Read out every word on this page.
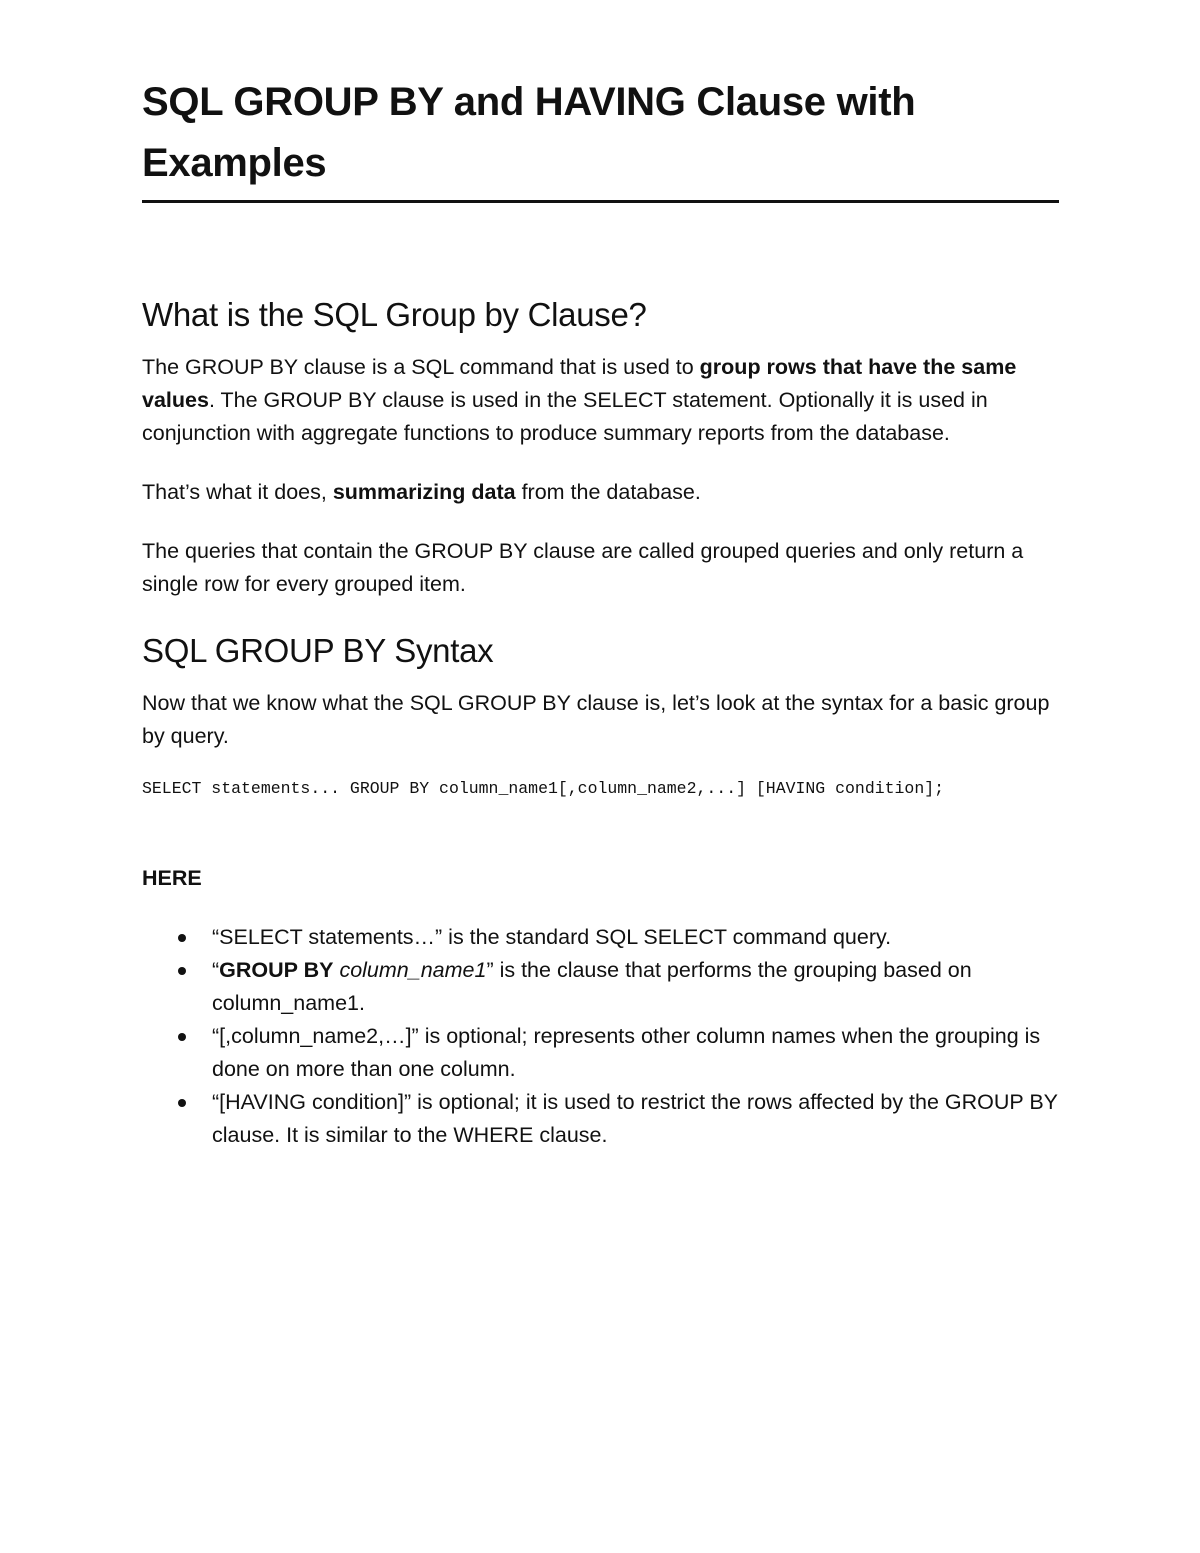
SQL GROUP BY and HAVING Clause with Examples
What is the SQL Group by Clause?

The GROUP BY clause is a SQL command that is used to group rows that have the same values. The GROUP BY clause is used in the SELECT statement. Optionally it is used in conjunction with aggregate functions to produce summary reports from the database.

That’s what it does, summarizing data from the database.

The queries that contain the GROUP BY clause are called grouped queries and only return a single row for every grouped item.

SQL GROUP BY Syntax

Now that we know what the SQL GROUP BY clause is, let’s look at the syntax for a basic group by query.

SELECT statements... GROUP BY column_name1[,column_name2,...] [HAVING condition];
HERE
“SELECT statements…” is the standard SQL SELECT command query.
“GROUP BY column_name1” is the clause that performs the grouping based on column_name1.
“[,column_name2,…]” is optional; represents other column names when the grouping is done on more than one column.
“[HAVING condition]” is optional; it is used to restrict the rows affected by the GROUP BY clause. It is similar to the WHERE clause.
